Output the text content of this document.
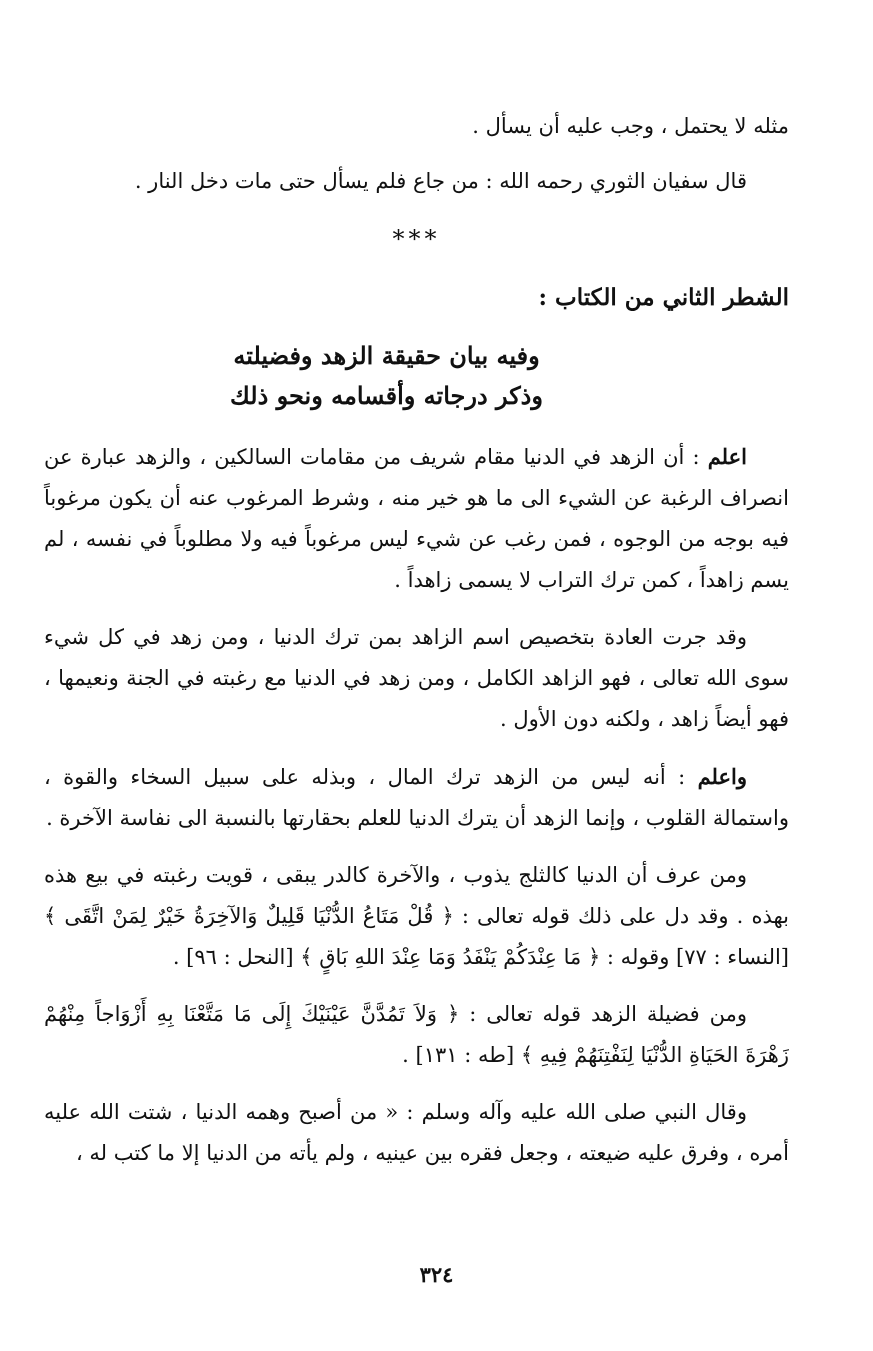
مثله لا يحتمل ، وجب عليه أن يسأل .

قال سفيان الثوري رحمه الله : من جاع فلم يسأل حتى مات دخل النار .

***
الشطر الثاني من الكتاب :
وفيه بيان حقيقة الزهد وفضيلته
وذكر درجاته وأقسامه ونحو ذلك

اعلم : أن الزهد في الدنيا مقام شريف من مقامات السالكين ، والزهد عبارة عن انصراف الرغبة عن الشيء الى ما هو خير منه ، وشرط المرغوب عنه أن يكون مرغوباً فيه بوجه من الوجوه ، فمن رغب عن شيء ليس مرغوباً فيه ولا مطلوباً في نفسه ، لم يسم زاهداً ، كمن ترك التراب لا يسمى زاهداً .

وقد جرت العادة بتخصيص اسم الزاهد بمن ترك الدنيا ، ومن زهد في كل شيء سوى الله تعالى ، فهو الزاهد الكامل ، ومن زهد في الدنيا مع رغبته في الجنة ونعيمها ، فهو أيضاً زاهد ، ولكنه دون الأول .

واعلم : أنه ليس من الزهد ترك المال ، وبذله على سبيل السخاء والقوة ، واستمالة القلوب ، وإنما الزهد أن يترك الدنيا للعلم بحقارتها بالنسبة الى نفاسة الآخرة .

ومن عرف أن الدنيا كالثلج يذوب ، والآخرة كالدر يبقى ، قويت رغبته في بيع هذه بهذه . وقد دل على ذلك قوله تعالى : ﴿ قُلْ مَتَاعُ الدُّنْيَا قَلِيلٌ وَالآخِرَةُ خَيْرٌ لِمَنْ اتَّقَى ﴾ [النساء : ٧٧] وقوله : ﴿ مَا عِنْدَكُمْ يَنْفَدُ وَمَا عِنْدَ اللهِ بَاقٍ ﴾ [النحل : ٩٦] .

ومن فضيلة الزهد قوله تعالى : ﴿ وَلاَ تَمُدَّنَّ عَيْنَيْكَ إِلَى مَا مَتَّعْنَا بِهِ أَزْوَاجاً مِنْهُمْ زَهْرَةَ الحَيَاةِ الدُّنْيَا لِنَفْتِنَهُمْ فِيهِ ﴾ [طه : ١٣١] .

وقال النبي صلى الله عليه وآله وسلم : « من أصبح وهمه الدنيا ، شتت الله عليه أمره ، وفرق عليه ضيعته ، وجعل فقره بين عينيه ، ولم يأته من الدنيا إلا ما كتب له ،

٣٢٤
